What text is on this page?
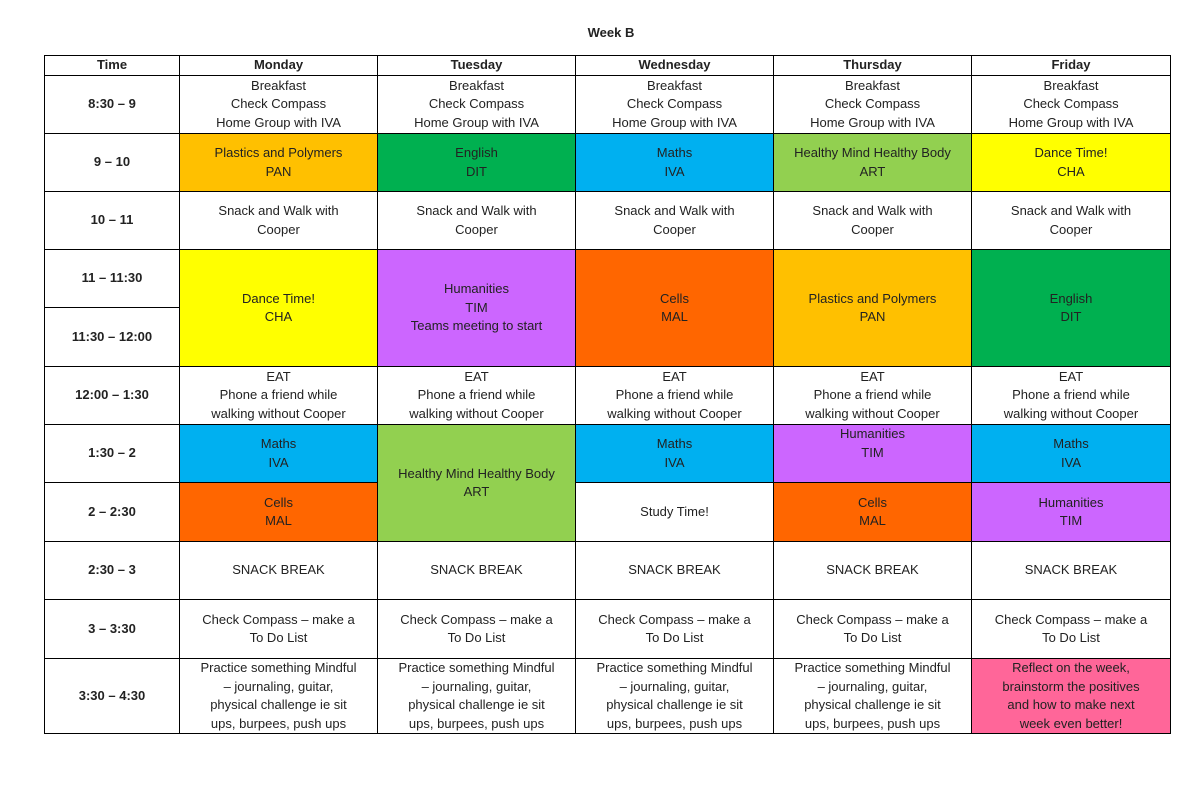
Week B
Time	Monday	Tuesday	Wednesday	Thursday	Friday
8:30 – 9	Breakfast
Check Compass
Home Group with IVA	Breakfast
Check Compass
Home Group with IVA	Breakfast
Check Compass
Home Group with IVA	Breakfast
Check Compass
Home Group with IVA	Breakfast
Check Compass
Home Group with IVA

9 – 10	Plastics and Polymers
PAN	English
DIT	Maths
IVA	Healthy Mind Healthy Body
ART	Dance Time!
CHA

10 – 11	Snack and Walk with
Cooper	Snack and Walk with
Cooper	Snack and Walk with
Cooper	Snack and Walk with
Cooper	Snack and Walk with
Cooper

11 – 11:30	Dance Time!
CHA	Humanities
TIM
Teams meeting to start	Cells
MAL	Plastics and Polymers
PAN	English
DIT

11:30 – 12:00					
12:00 – 1:30	EAT
Phone a friend while
walking without Cooper	EAT
Phone a friend while
walking without Cooper	EAT
Phone a friend while
walking without Cooper	EAT
Phone a friend while
walking without Cooper	EAT
Phone a friend while
walking without Cooper

1:30 – 2	Maths
IVA	Healthy Mind Healthy Body
ART	Maths
IVA	Humanities
TIM	Maths
IVA

2 – 2:30	Cells
MAL		Study Time!	Cells
MAL	Humanities
TIM

2:30 – 3	SNACK BREAK	SNACK BREAK	SNACK BREAK	SNACK BREAK	SNACK BREAK

3 – 3:30	Check Compass – make a
To Do List	Check Compass – make a
To Do List	Check Compass – make a
To Do List	Check Compass – make a
To Do List	Check Compass – make a
To Do List

3:30 – 4:30	Practice something Mindful
– journaling, guitar,
physical challenge ie sit
ups, burpees, push ups	Practice something Mindful
– journaling, guitar,
physical challenge ie sit
ups, burpees, push ups	Practice something Mindful
– journaling, guitar,
physical challenge ie sit
ups, burpees, push ups	Practice something Mindful
– journaling, guitar,
physical challenge ie sit
ups, burpees, push ups	Reflect on the week,
brainstorm the positives
and how to make next
week even better!
